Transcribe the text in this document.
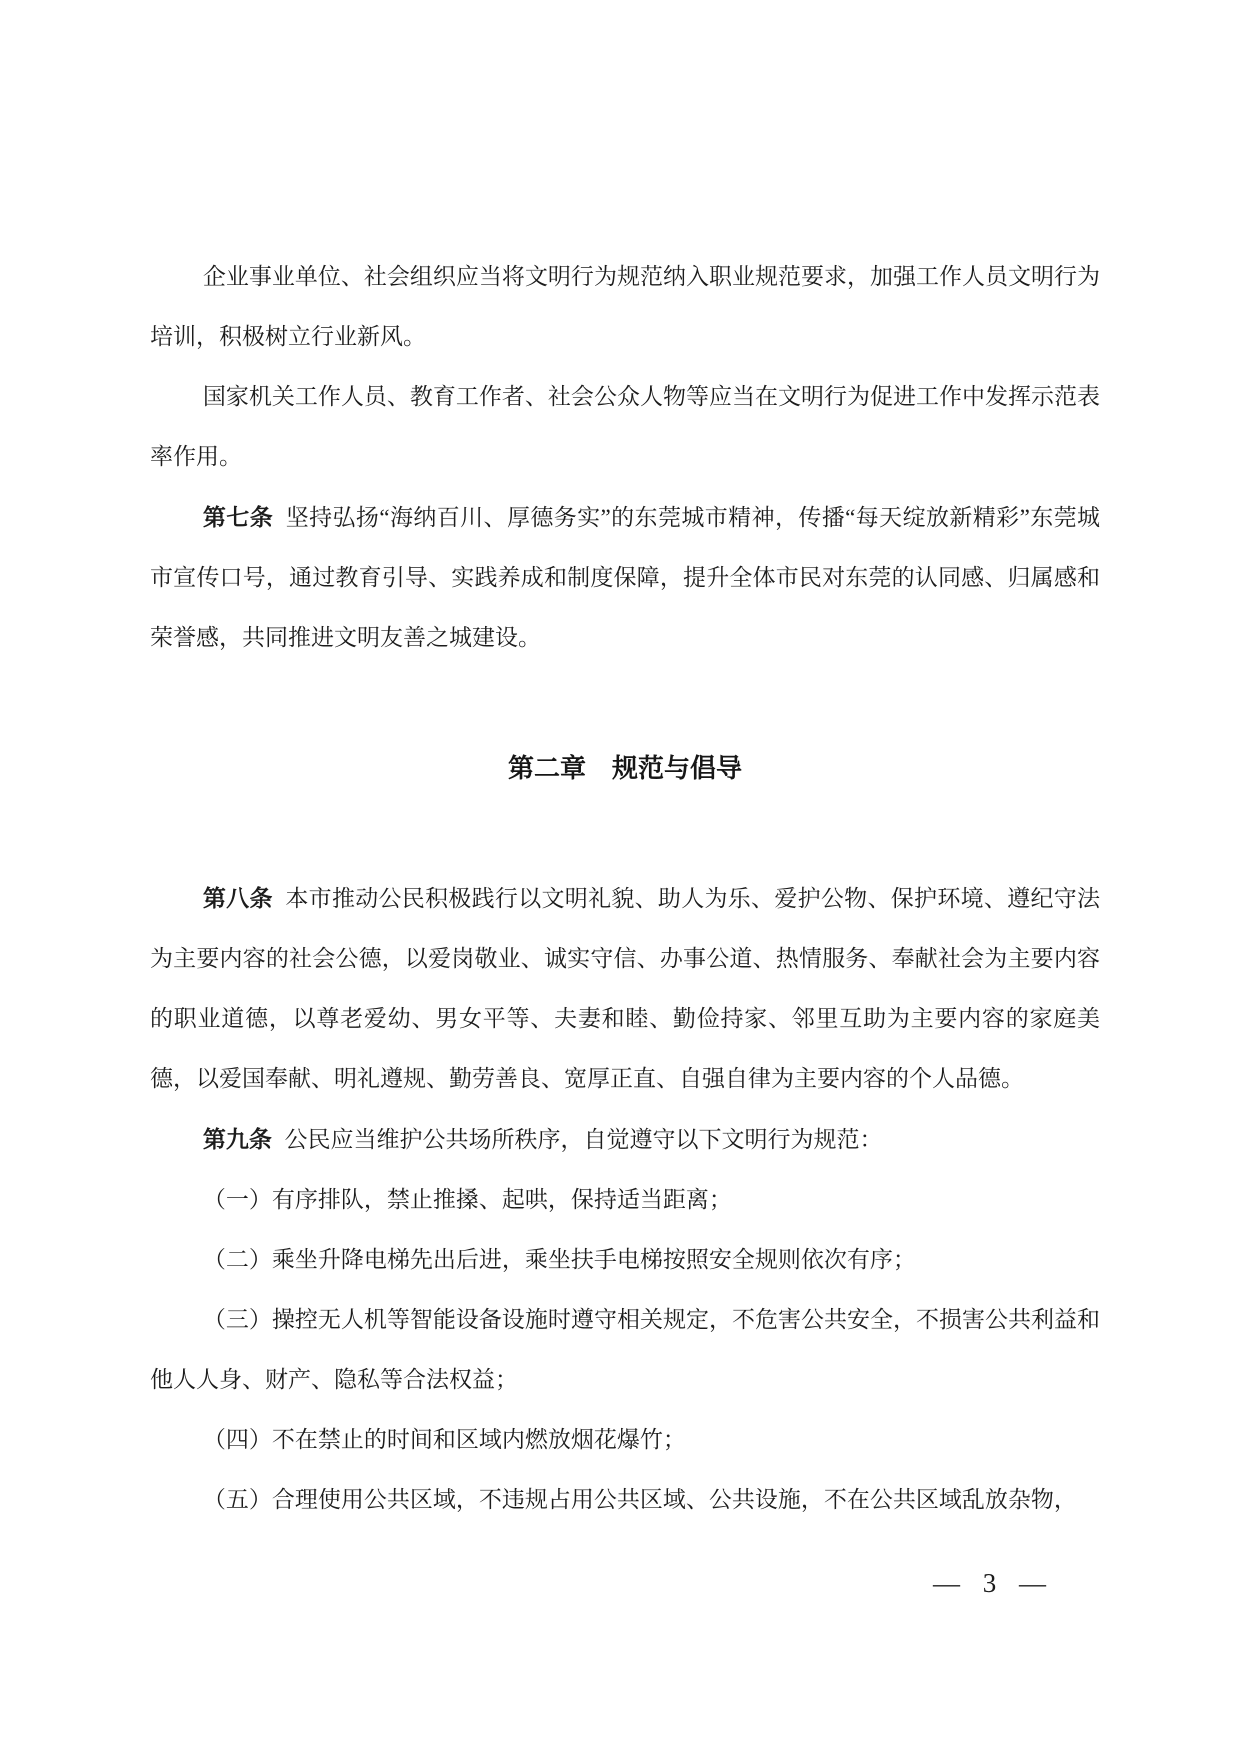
企业事业单位、社会组织应当将文明行为规范纳入职业规范要求，加强工作人员文明行为培训，积极树立行业新风。

国家机关工作人员、教育工作者、社会公众人物等应当在文明行为促进工作中发挥示范表率作用。

第七条 坚持弘扬“海纳百川、厚德务实”的东莞城市精神，传播“每天绽放新精彩”东莞城市宣传口号，通过教育引导、实践养成和制度保障，提升全体市民对东莞的认同感、归属感和荣誉感，共同推进文明友善之城建设。

第二章　规范与倡导

第八条 本市推动公民积极践行以文明礼貌、助人为乐、爱护公物、保护环境、遵纪守法为主要内容的社会公德，以爱岗敬业、诚实守信、办事公道、热情服务、奉献社会为主要内容的职业道德，以尊老爱幼、男女平等、夫妻和睦、勤俭持家、邻里互助为主要内容的家庭美德，以爱国奉献、明礼遵规、勤劳善良、宽厚正直、自强自律为主要内容的个人品德。

第九条 公民应当维护公共场所秩序，自觉遵守以下文明行为规范：

（一）有序排队，禁止推搡、起哄，保持适当距离；

（二）乘坐升降电梯先出后进，乘坐扶手电梯按照安全规则依次有序；

（三）操控无人机等智能设备设施时遵守相关规定，不危害公共安全，不损害公共利益和他人人身、财产、隐私等合法权益；

（四）不在禁止的时间和区域内燃放烟花爆竹；

（五）合理使用公共区域，不违规占用公共区域、公共设施，不在公共区域乱放杂物，

— 3 —
